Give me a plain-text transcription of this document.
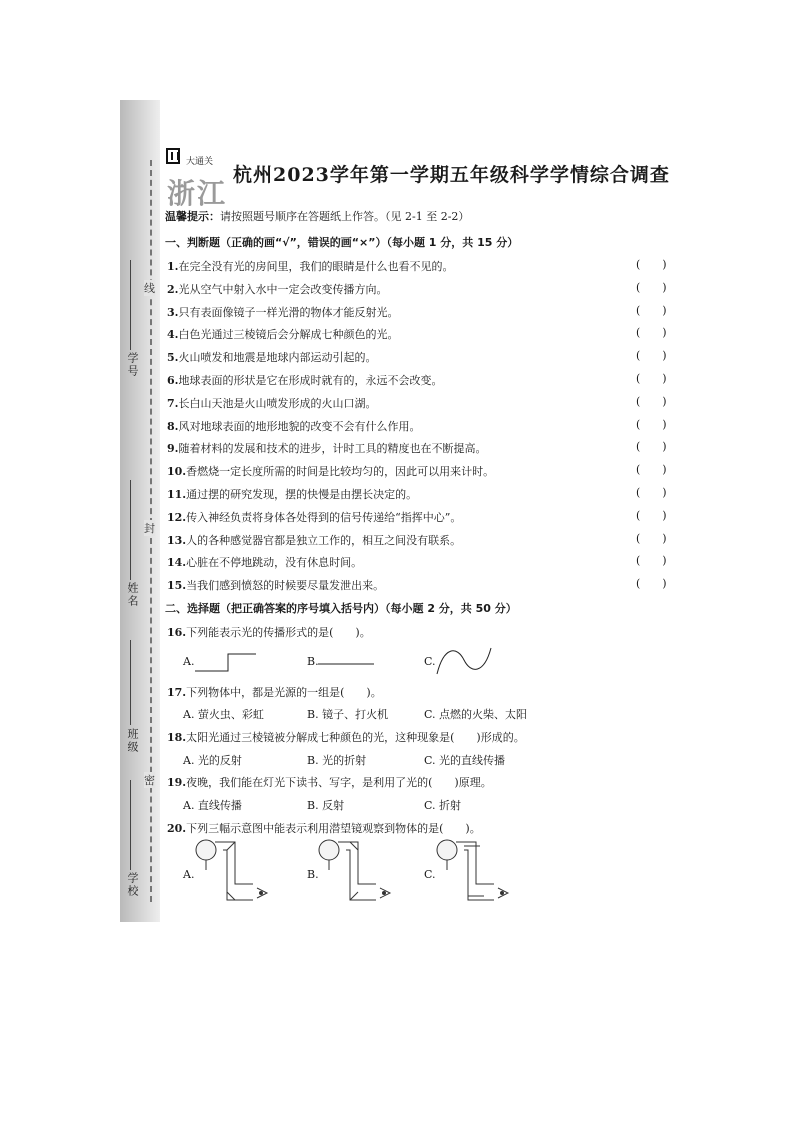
学号
姓名
班级
学校
线
封
密
大通关
浙江
杭州2023学年第一学期五年级科学学情综合调查
温馨提示：请按照题号顺序在答题纸上作答。（见 2-1 至 2-2）
一、判断题（正确的画“√”，错误的画“×”）（每小题 1 分，共 15 分）
1.在完全没有光的房间里，我们的眼睛是什么也看不见的。	( )
2.光从空气中射入水中一定会改变传播方向。	( )
3.只有表面像镜子一样光滑的物体才能反射光。	( )
4.白色光通过三棱镜后会分解成七种颜色的光。	( )
5.火山喷发和地震是地球内部运动引起的。	( )
6.地球表面的形状是它在形成时就有的，永远不会改变。	( )
7.长白山天池是火山喷发形成的火山口湖。	( )
8.风对地球表面的地形地貌的改变不会有什么作用。	( )
9.随着材料的发展和技术的进步，计时工具的精度也在不断提高。	( )
10.香燃烧一定长度所需的时间是比较均匀的，因此可以用来计时。	( )
11.通过摆的研究发现，摆的快慢是由摆长决定的。	( )
12.传入神经负责将身体各处得到的信号传递给“指挥中心”。	( )
13.人的各种感觉器官都是独立工作的，相互之间没有联系。	( )
14.心脏在不停地跳动，没有休息时间。	( )
15.当我们感到愤怒的时候要尽量发泄出来。	( )
二、选择题（把正确答案的序号填入括号内）（每小题 2 分，共 50 分）
16.下列能表示光的传播形式的是(　　)。
A.	B.	C.
17.下列物体中，都是光源的一组是(　　)。
A. 萤火虫、彩虹	B. 镜子、打火机	C. 点燃的火柴、太阳
18.太阳光通过三棱镜被分解成七种颜色的光，这种现象是(　　)形成的。
A. 光的反射	B. 光的折射	C. 光的直线传播
19.夜晚，我们能在灯光下读书、写字，是利用了光的(　　)原理。
A. 直线传播	B. 反射	C. 折射
20.下列三幅示意图中能表示利用潜望镜观察到物体的是(　　)。
A.	B.	C.
